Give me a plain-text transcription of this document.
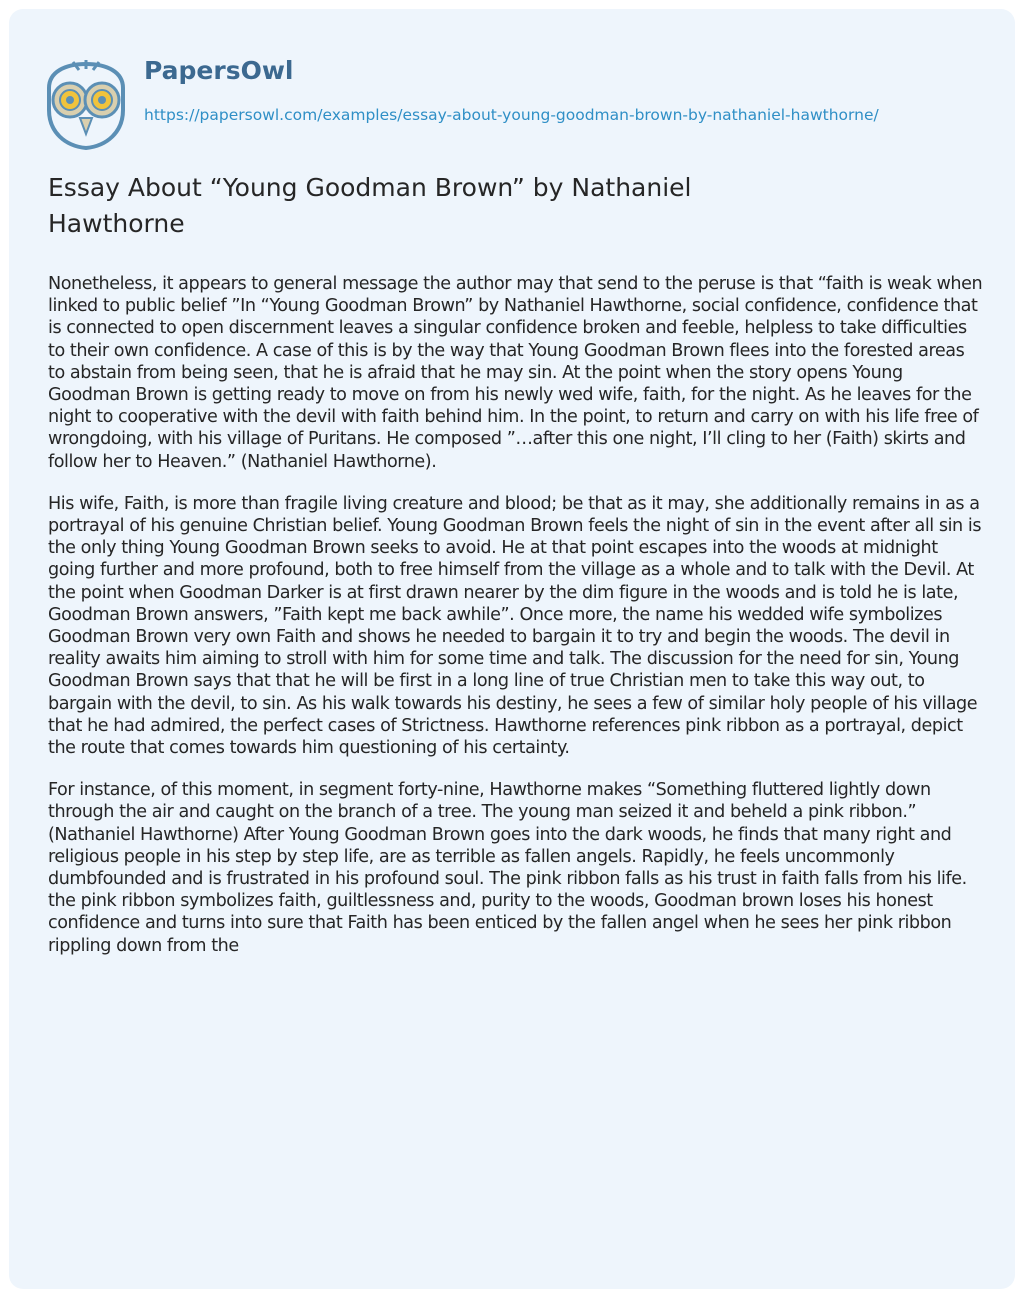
PapersOwl
https://papersowl.com/examples/essay-about-young-goodman-brown-by-nathaniel-hawthorne/
Essay About “Young Goodman Brown” by Nathaniel Hawthorne

Nonetheless, it appears to general message the author may that send to the peruse is that “faith is weak when linked to public belief ”In “Young Goodman Brown” by Nathaniel Hawthorne, social confidence, confidence that is connected to open discernment leaves a singular confidence broken and feeble, helpless to take difficulties to their own confidence. A case of this is by the way that Young Goodman Brown flees into the forested areas to abstain from being seen, that he is afraid that he may sin. At the point when the story opens Young Goodman Brown is getting ready to move on from his newly wed wife, faith, for the night. As he leaves for the night to cooperative with the devil with faith behind him. In the point, to return and carry on with his life free of wrongdoing, with his village of Puritans. He composed ”…after this one night, I’ll cling to her (Faith) skirts and follow her to Heaven.” (Nathaniel Hawthorne).

His wife, Faith, is more than fragile living creature and blood; be that as it may, she additionally remains in as a portrayal of his genuine Christian belief. Young Goodman Brown feels the night of sin in the event after all sin is the only thing Young Goodman Brown seeks to avoid. He at that point escapes into the woods at midnight going further and more profound, both to free himself from the village as a whole and to talk with the Devil. At the point when Goodman Darker is at first drawn nearer by the dim figure in the woods and is told he is late, Goodman Brown answers, ”Faith kept me back awhile”. Once more, the name his wedded wife symbolizes Goodman Brown very own Faith and shows he needed to bargain it to try and begin the woods. The devil in reality awaits him aiming to stroll with him for some time and talk. The discussion for the need for sin, Young Goodman Brown says that that he will be first in a long line of true Christian men to take this way out, to bargain with the devil, to sin. As his walk towards his destiny, he sees a few of similar holy people of his village that he had admired, the perfect cases of Strictness. Hawthorne references pink ribbon as a portrayal, depict the route that comes towards him questioning of his certainty.

For instance, of this moment, in segment forty-nine, Hawthorne makes “Something fluttered lightly down through the air and caught on the branch of a tree. The young man seized it and beheld a pink ribbon.” (Nathaniel Hawthorne) After Young Goodman Brown goes into the dark woods, he finds that many right and religious people in his step by step life, are as terrible as fallen angels. Rapidly, he feels uncommonly dumbfounded and is frustrated in his profound soul. The pink ribbon falls as his trust in faith falls from his life. the pink ribbon symbolizes faith, guiltlessness and, purity to the woods, Goodman brown loses his honest confidence and turns into sure that Faith has been enticed by the fallen angel when he sees her pink ribbon rippling down from the
